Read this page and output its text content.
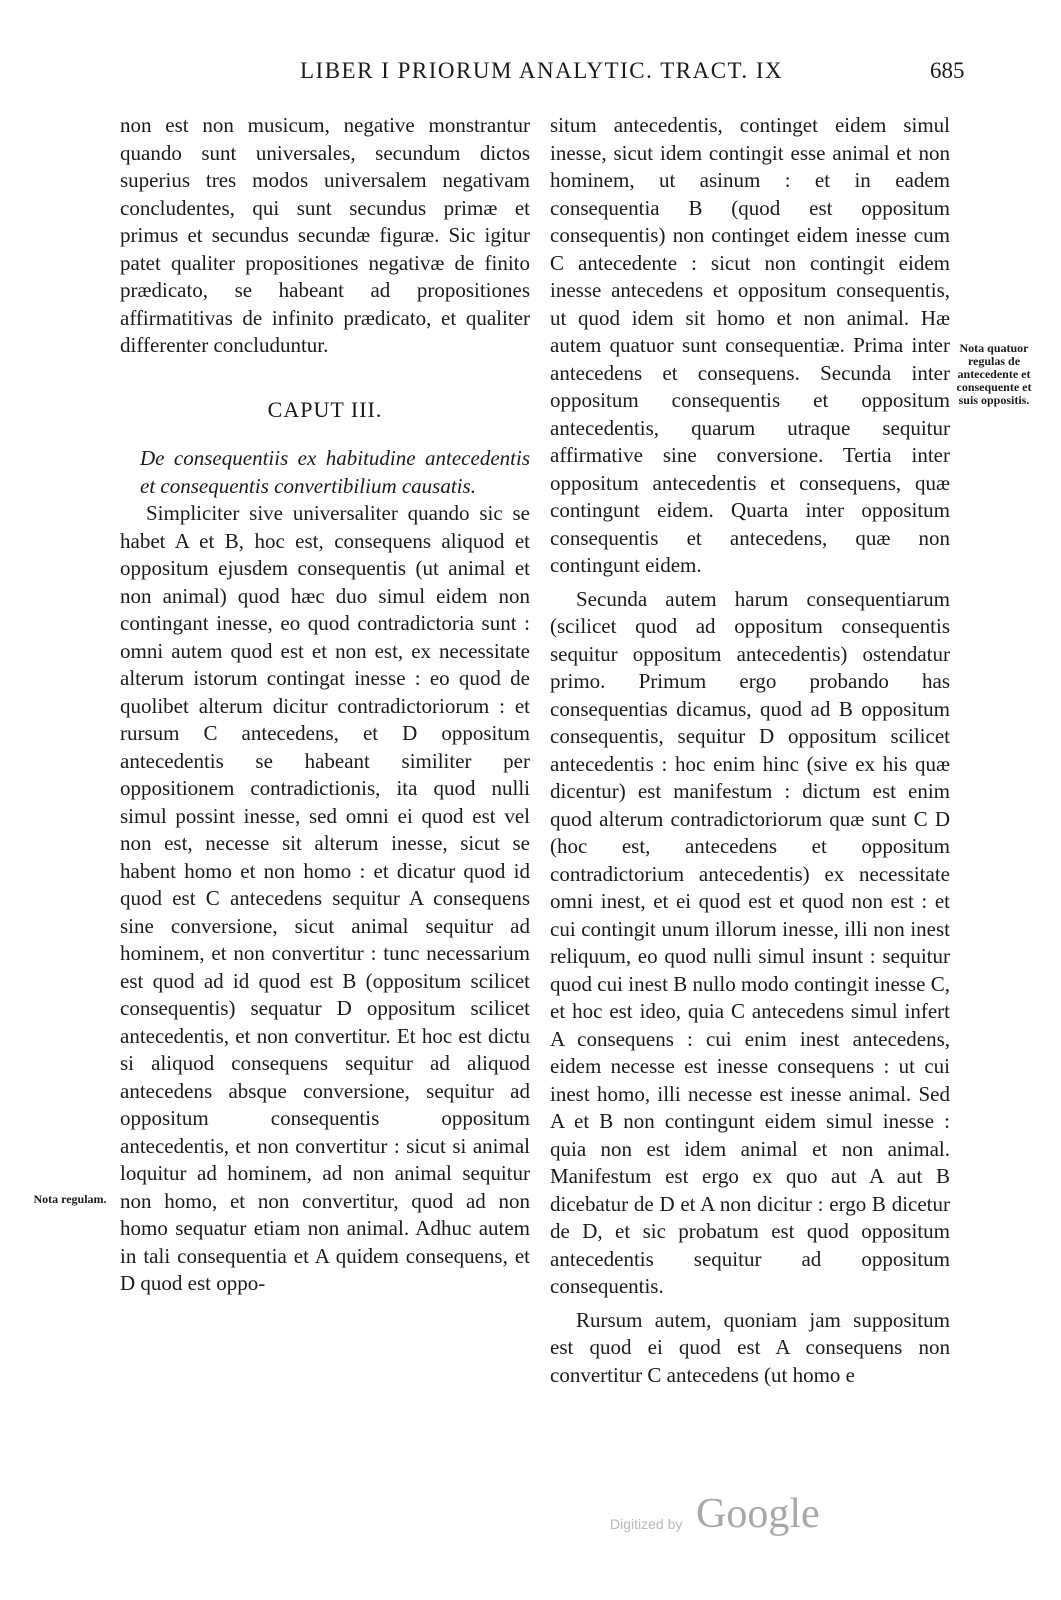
LIBER I PRIORUM ANALYTIC. TRACT. IX	685

non est non musicum, negative monstrantur quando sunt universales, secundum dictos superius tres modos universalem negativam concludentes, qui sunt secundus primæ et primus et secundus secundæ figuræ. Sic igitur patet qualiter propositiones negativæ de finito prædicato, se habeant ad propositiones affirmatitivas de infinito prædicato, et qualiter differenter concluduntur.

CAPUT III.

De consequentiis ex habitudine antecedentis et consequentis convertibilium causatis.

Simpliciter sive universaliter quando sic se habet A et B, hoc est, consequens aliquod et oppositum ejusdem consequentis (ut animal et non animal) quod hæc duo simul eidem non contingant inesse, eo quod contradictoria sunt : omni autem quod est et non est, ex necessitate alterum istorum contingat inesse : eo quod de quolibet alterum dicitur contradictoriorum : et rursum C antecedens, et D oppositum antecedentis se habeant similiter per oppositionem contradictionis, ita quod nulli simul possint inesse, sed omni ei quod est vel non est, necesse sit alterum inesse, sicut se habent homo et non homo : et dicatur quod id quod est C antecedens sequitur A consequens sine conversione, sicut animal sequitur ad hominem, et non convertitur : tunc necessarium est quod ad id quod est B (oppositum scilicet consequentis) sequatur D oppositum scilicet antecedentis, et non convertitur. Et hoc est dictu si aliquod consequens sequitur ad aliquod antecedens absque conversione, sequitur ad oppositum consequentis oppositum antecedentis, et non convertitur : sicut si animal loquitur ad hominem, ad non animal sequitur non homo, et non convertitur, quod ad non homo sequatur etiam non animal. Adhuc autem in tali consequentia et A quidem consequens, et D quod est oppo-

situm antecedentis, continget eidem simul inesse, sicut idem contingit esse animal et non hominem, ut asinum : et in eadem consequentia B (quod est oppositum consequentis) non continget eidem inesse cum C antecedente : sicut non contingit eidem inesse antecedens et oppositum consequentis, ut quod idem sit homo et non animal. Hæ autem quatuor sunt consequentiæ. Prima inter antecedens et consequens. Secunda inter oppositum consequentis et oppositum antecedentis, quarum utraque sequitur affirmative sine conversione. Tertia inter oppositum antecedentis et consequens, quæ contingunt eidem. Quarta inter oppositum consequentis et antecedens, quæ non contingunt eidem.

Secunda autem harum consequentiarum (scilicet quod ad oppositum consequentis sequitur oppositum antecedentis) ostendatur primo. Primum ergo probando has consequentias dicamus, quod ad B oppositum consequentis, sequitur D oppositum scilicet antecedentis : hoc enim hinc (sive ex his quæ dicentur) est manifestum : dictum est enim quod alterum contradictoriorum quæ sunt C D (hoc est, antecedens et oppositum contradictorium antecedentis) ex necessitate omni inest, et ei quod est et quod non est : et cui contingit unum illorum inesse, illi non inest reliquum, eo quod nulli simul insunt : sequitur quod cui inest B nullo modo contingit inesse C, et hoc est ideo, quia C antecedens simul infert A consequens : cui enim inest antecedens, eidem necesse est inesse consequens : ut cui inest homo, illi necesse est inesse animal. Sed A et B non contingunt eidem simul inesse : quia non est idem animal et non animal. Manifestum est ergo ex quo aut A aut B dicebatur de D et A non dicitur : ergo B dicetur de D, et sic probatum est quod oppositum antecedentis sequitur ad oppositum consequentis.

Rursum autem, quoniam jam suppositum est quod ei quod est A consequens non convertitur C antecedens (ut homo e

Nota regulam.
Nota quatuor regulas de antecedente et consequente et suis oppositis.
Digitized by Google
